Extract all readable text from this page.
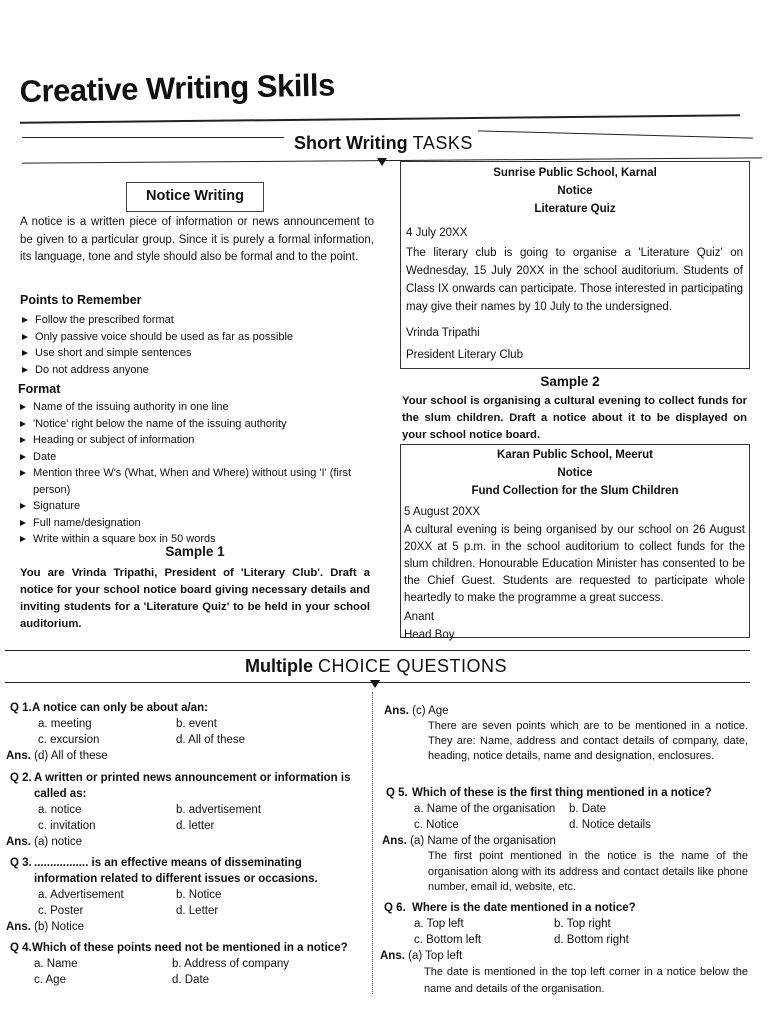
Creative Writing Skills
Short Writing TASKS
Notice Writing
A notice is a written piece of information or news announcement to be given to a particular group. Since it is purely a formal information, its language, tone and style should also be formal and to the point.
Points to Remember
Follow the prescribed format
Only passive voice should be used as far as possible
Use short and simple sentences
Do not address anyone
Format
Name of the issuing authority in one line
'Notice' right below the name of the issuing authority
Heading or subject of information
Date
Mention three W's (What, When and Where) without using 'I' (first person)
Signature
Full name/designation
Write within a square box in 50 words
Sample 1
You are Vrinda Tripathi, President of 'Literary Club'. Draft a notice for your school notice board giving necessary details and inviting students for a 'Literature Quiz' to be held in your school auditorium.
Sunrise Public School, Karnal
Notice
Literature Quiz
4 July 20XX
The literary club is going to organise a 'Literature Quiz' on Wednesday, 15 July 20XX in the school auditorium. Students of Class IX onwards can participate. Those interested in participating may give their names by 10 July to the undersigned.
Vrinda Tripathi
President Literary Club
Sample 2
Your school is organising a cultural evening to collect funds for the slum children. Draft a notice about it to be displayed on your school notice board.
Karan Public School, Meerut
Notice
Fund Collection for the Slum Children
5 August 20XX
A cultural evening is being organised by our school on 26 August 20XX at 5 p.m. in the school auditorium to collect funds for the slum children. Honourable Education Minister has consented to be the Chief Guest. Students are requested to participate whole heartedly to make the programme a great success.
Anant
Head Boy
Multiple CHOICE QUESTIONS
Q 1.A notice can only be about a/an:
a. meeting	b. event
c. excursion	d. All of these
Ans. (d) All of these
Q 2. A written or printed news announcement or information is called as:
a. notice	b. advertisement
c. invitation	d. letter
Ans. (a) notice
Q 3. ................. is an effective means of disseminating information related to different issues or occasions.
a. Advertisement	b. Notice
c. Poster	d. Letter
Ans. (b) Notice
Q 4.Which of these points need not be mentioned in a notice?
a. Name	b. Address of company
c. Age	d. Date
Ans. (c) Age
There are seven points which are to be mentioned in a notice. They are: Name, address and contact details of company, date, heading, notice details, name and designation, enclosures.
Q 5. Which of these is the first thing mentioned in a notice?
a. Name of the organisation	b. Date
c. Notice	d. Notice details
Ans. (a) Name of the organisation
The first point mentioned in the notice is the name of the organisation along with its address and contact details like phone number, email id, website, etc.
Q 6. Where is the date mentioned in a notice?
a. Top left	b. Top right
c. Bottom left	d. Bottom right
Ans. (a) Top left
The date is mentioned in the top left corner in a notice below the name and details of the organisation.
